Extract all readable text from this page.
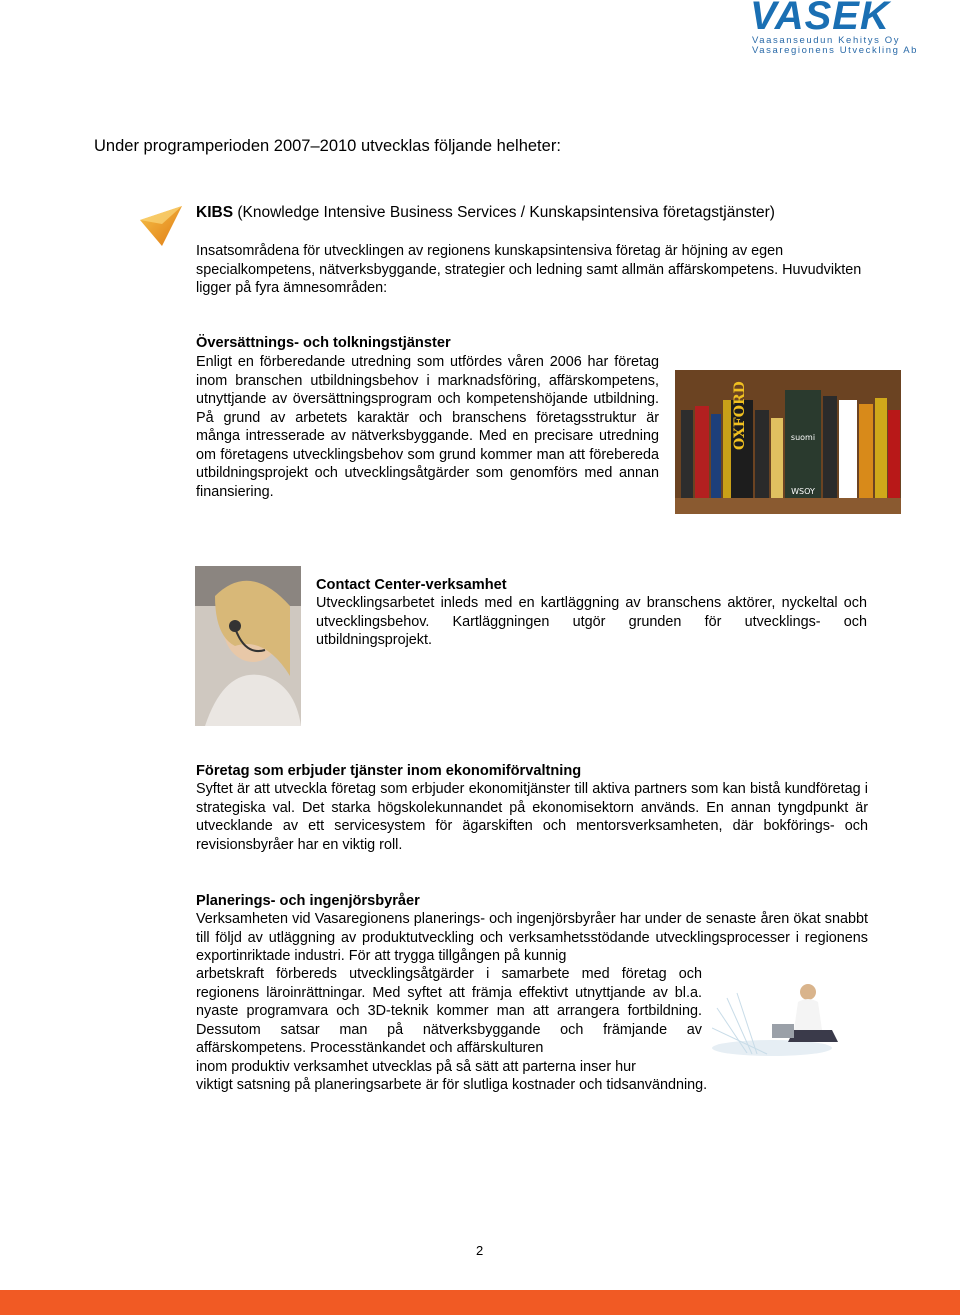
VASEK
Vaasanseudun Kehitys Oy
Vasaregionens Utveckling Ab
Under programperioden 2007–2010 utvecklas följande helheter:
KIBS (Knowledge Intensive Business Services / Kunskapsintensiva företagstjänster)
Insatsområdena för utvecklingen av regionens kunskapsintensiva företag är höjning av egen specialkompetens, nätverksbyggande, strategier och ledning samt allmän affärskompetens. Huvudvikten ligger på fyra ämnesområden:
Översättnings- och tolkningstjänster
Enligt en förberedande utredning som utfördes våren 2006 har företag inom branschen utbildningsbehov i marknadsföring, affärskompetens, utnyttjande av översättningsprogram och kompetenshöjande utbildning. På grund av arbetets karaktär och branschens företagsstruktur är många intresserade av nätverksbyggande. Med en precisare utredning om företagens utvecklingsbehov som grund kommer man att förebereda utbildningsprojekt och utvecklingsåtgärder som genomförs med annan finansiering.
OXFORD	suomi
WSOY
Contact Center-verksamhet
Utvecklingsarbetet inleds med en kartläggning av branschens aktörer, nyckeltal och utvecklingsbehov. Kartläggningen utgör grunden för utvecklings- och utbildningsprojekt.
Företag som erbjuder tjänster inom ekonomiförvaltning
Syftet är att utveckla företag som erbjuder ekonomitjänster till aktiva partners som kan bistå kundföretag i strategiska val. Det starka högskolekunnandet på ekonomisektorn används. En annan tyngdpunkt är utvecklande av ett servicesystem för ägarskiften och mentorsverksamheten, där bokförings- och revisionsbyråer har en viktig roll.
Planerings- och ingenjörsbyråer
Verksamheten vid Vasaregionens planerings- och ingenjörsbyråer har under de senaste åren ökat snabbt till följd av utläggning av produktutveckling och verksamhetsstödande utvecklingsprocesser i regionens exportinriktade industri. För att trygga tillgången på kunnig
arbetskraft förbereds utvecklingsåtgärder i samarbete med företag och regionens läroinrättningar. Med syftet att främja effektivt utnyttjande av bl.a. nyaste programvara och 3D-teknik kommer man att arrangera fortbildning. Dessutom satsar man på nätverksbyggande och främjande av affärskompetens. Processtänkandet och affärskulturen
inom produktiv verksamhet utvecklas på så sätt att parterna inser hur
viktigt satsning på planeringsarbete är för slutliga kostnader och tidsanvändning.
2
